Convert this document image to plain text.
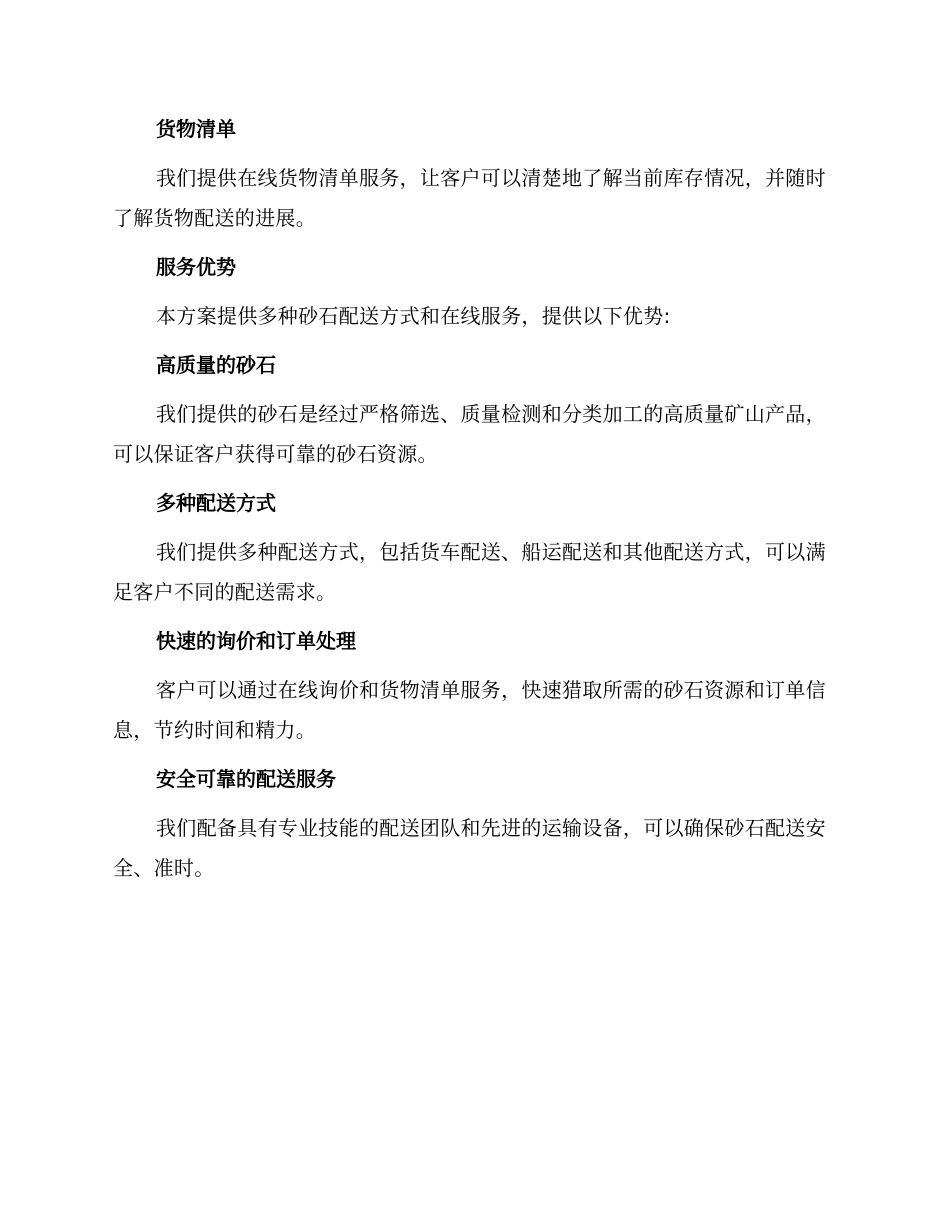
货物清单
我们提供在线货物清单服务，让客户可以清楚地了解当前库存情况，并随时了解货物配送的进展。
服务优势
本方案提供多种砂石配送方式和在线服务，提供以下优势:
高质量的砂石
我们提供的砂石是经过严格筛选、质量检测和分类加工的高质量矿山产品，可以保证客户获得可靠的砂石资源。
多种配送方式
我们提供多种配送方式，包括货车配送、船运配送和其他配送方式，可以满足客户不同的配送需求。
快速的询价和订单处理
客户可以通过在线询价和货物清单服务，快速猎取所需的砂石资源和订单信息，节约时间和精力。
安全可靠的配送服务
我们配备具有专业技能的配送团队和先进的运输设备，可以确保砂石配送安全、准时。
